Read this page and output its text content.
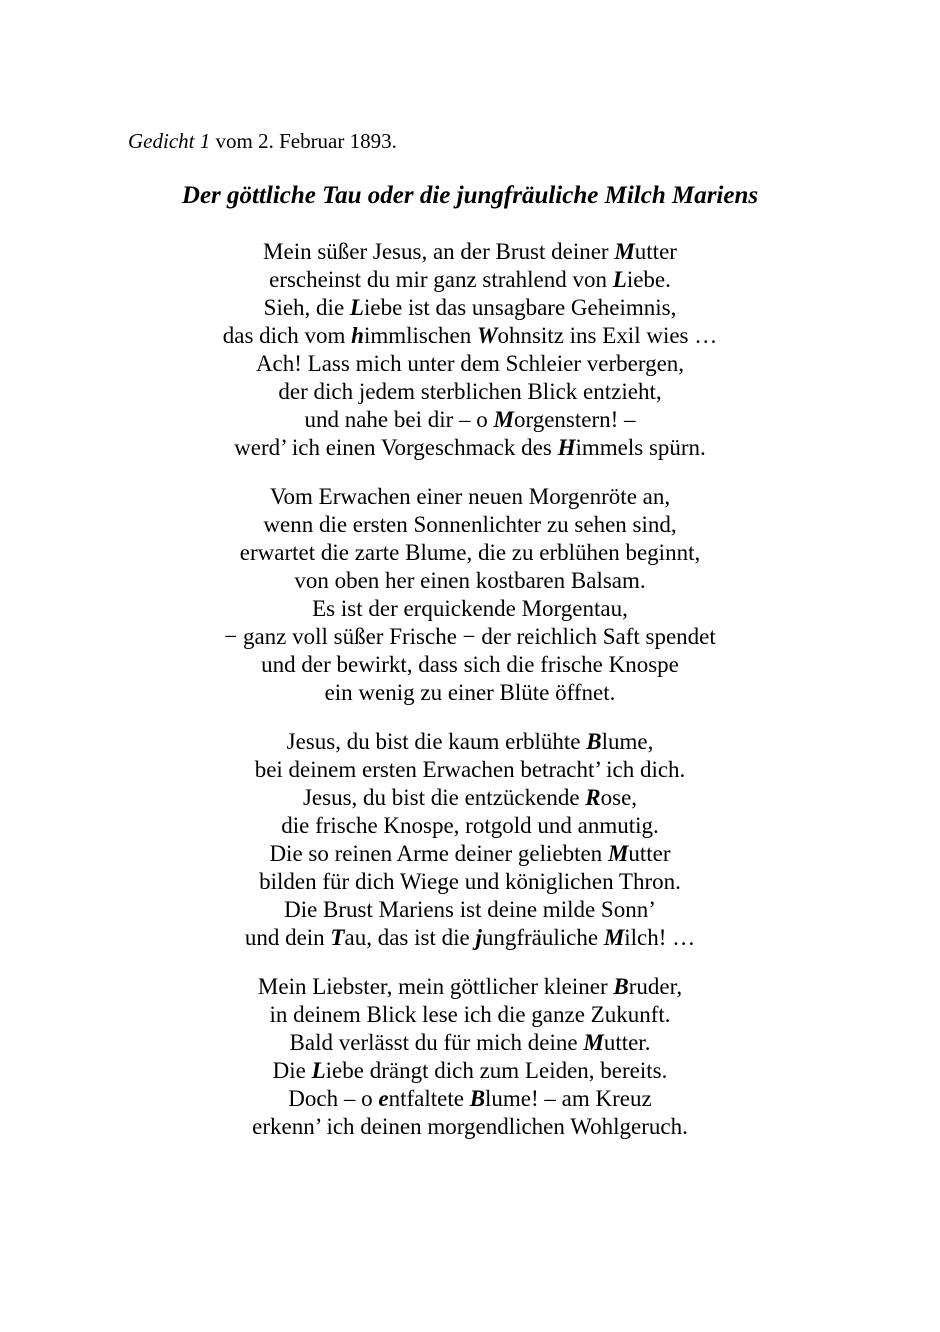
Gedicht 1 vom 2. Februar 1893.
Der göttliche Tau oder die jungfräuliche Milch Mariens
Mein süßer Jesus, an der Brust deiner Mutter
erscheinst du mir ganz strahlend von Liebe.
Sieh, die Liebe ist das unsagbare Geheimnis,
das dich vom himmlischen Wohnsitz ins Exil wies …
Ach! Lass mich unter dem Schleier verbergen,
der dich jedem sterblichen Blick entzieht,
und nahe bei dir – o Morgenstern! –
werd’ ich einen Vorgeschmack des Himmels spürn.
Vom Erwachen einer neuen Morgenröte an,
wenn die ersten Sonnenlichter zu sehen sind,
erwartet die zarte Blume, die zu erblühen beginnt,
von oben her einen kostbaren Balsam.
Es ist der erquickende Morgentau,
− ganz voll süßer Frische − der reichlich Saft spendet
und der bewirkt, dass sich die frische Knospe
ein wenig zu einer Blüte öffnet.
Jesus, du bist die kaum erblühte Blume,
bei deinem ersten Erwachen betracht’ ich dich.
Jesus, du bist die entzückende Rose,
die frische Knospe, rotgold und anmutig.
Die so reinen Arme deiner geliebten Mutter
bilden für dich Wiege und königlichen Thron.
Die Brust Mariens ist deine milde Sonn’
und dein Tau, das ist die jungfräuliche Milch! …
Mein Liebster, mein göttlicher kleiner Bruder,
in deinem Blick lese ich die ganze Zukunft.
Bald verlässt du für mich deine Mutter.
Die Liebe drängt dich zum Leiden, bereits.
Doch – o entfaltete Blume! – am Kreuz
erkenn’ ich deinen morgendlichen Wohlgeruch.
